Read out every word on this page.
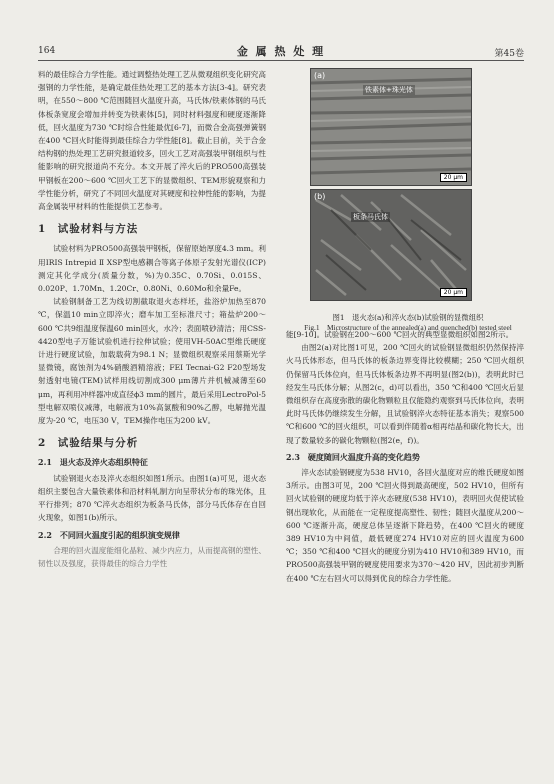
164	金 属 热 处 理	第45卷

料的最佳综合力学性能。通过调整热处理工艺从微观组织变化研究高强钢的力学性能，是确定最佳热处理工艺的基本方法[3-4]。研究表明，在550～800 ℃范围随回火温度升高，马氏体/铁素体钢的马氏体板条宽度会增加并转变为铁素体[5]，同时材料强度和硬度逐渐降低，回火温度为730 ℃时综合性能最优[6-7]，而微合金高强弹簧钢在400 ℃回火时能得到最佳综合力学性能[8]。截止目前，关于合金结构钢的热处理工艺研究报道较多，回火工艺对高强装甲钢组织与性能影响的研究报道尚不充分。本文开展了淬火后的PRO500高强装甲钢板在200～600 ℃回火工艺下的显微组织、TEM形貌观察和力学性能分析，研究了不同回火温度对其硬度和拉伸性能的影响，为提高金属装甲材料的性能提供工艺参考。

1　试验材料与方法

试验材料为PRO500高强装甲钢板，保留原始厚度4.3 mm。利用IRIS Intrepid Ⅱ XSP型电感耦合等离子体原子发射光谱仪(ICP)测定其化学成分(质量分数，%)为0.35C、0.70Si、0.015S、0.020P、1.70Mn、1.20Cr、0.80Ni、0.60Mo和余量Fe。

试验钢制备工艺为线切割截取退火态样坯，盐浴炉加热至870 ℃，保温10 min立即淬火；磨车加工至标准尺寸；箱盐炉200～600 ℃共9组温度保温60 min回火，水冷；表面喷砂清洁；用CSS-4420型电子万能试验机进行拉伸试验；使用VH-50AC型维氏硬度计进行硬度试验，加载载荷为98.1 N；显微组织观察采用蔡斯光学显微镜，腐蚀剂为4%硝酸酒精溶液；FEI Tecnai-G2 F20型场发射透射电镜(TEM)试样用线切割成300 μm薄片并机械减薄至60 μm，再利用冲样器冲成直径ϕ3 mm的圆片，最后采用LectroPol-5型电解双喷仪减薄，电解液为10%高氯酸和90%乙醇，电解抛光温度为-20 ℃，电压30 V，TEM操作电压为200 kV。

2　试验结果与分析
2.1　退火态及淬火态组织特征

试验钢退火态及淬火态组织如图1所示。由图1(a)可见，退火态组织主要包含大量铁素体和沿材料轧制方向呈带状分布的珠光体，且平行排列；870 ℃淬火态组织为板条马氏体，部分马氏体存在自回火现象，如图1(b)所示。

2.2　不同回火温度引起的组织演变规律

合理的回火温度能细化晶粒、减少内应力，从而提高钢的塑性、韧性以及强度，获得最佳的综合力学性

(a)
铁素体+珠光体
20 μm
(b)
板条马氏体
20 μm
图1　退火态(a)和淬火态(b)试验钢的显微组织
Fig.1　Microstructure of the annealed(a) and quenched(b) tested steel

能[9-10]。试验钢在200～600 ℃回火的典型显微组织如图2所示。

由图2(a)对比图1可见，200 ℃回火的试验钢显微组织仍然保持淬火马氏体形态，但马氏体的板条边界变得比较模糊；250 ℃回火组织仍保留马氏体位向，但马氏体板条边界不再明显(图2(b))，表明此时已经发生马氏体分解；从图2(c，d)可以看出，350 ℃和400 ℃回火后显微组织存在高度弥散的碳化物颗粒且仅能隐约观察到马氏体位向，表明此时马氏体仍继续发生分解，且试验钢淬火态特征基本消失；观察500 ℃和600 ℃的回火组织，可以看到伴随着α相再结晶和碳化物长大，出现了数量较多的碳化物颗粒(图2(e，f))。

2.3　硬度随回火温度升高的变化趋势

淬火态试验钢硬度为538 HV10，各回火温度对应的维氏硬度如图3所示。由图3可见，200 ℃回火得到最高硬度，502 HV10，但所有回火试验钢的硬度均低于淬火态硬度(538 HV10)，表明回火促使试验钢出现软化，从而能在一定程度提高塑性、韧性；随回火温度从200～600 ℃逐渐升高，硬度总体呈逐渐下降趋势，在400 ℃回火的硬度389 HV10为中间值，最低硬度274 HV10对应的回火温度为600 ℃；350 ℃和400 ℃回火的硬度分别为410 HV10和389 HV10，而PRO500高强装甲钢的硬度使用要求为370～420 HV，因此初步判断在400 ℃左右回火可以得到优良的综合力学性能。
